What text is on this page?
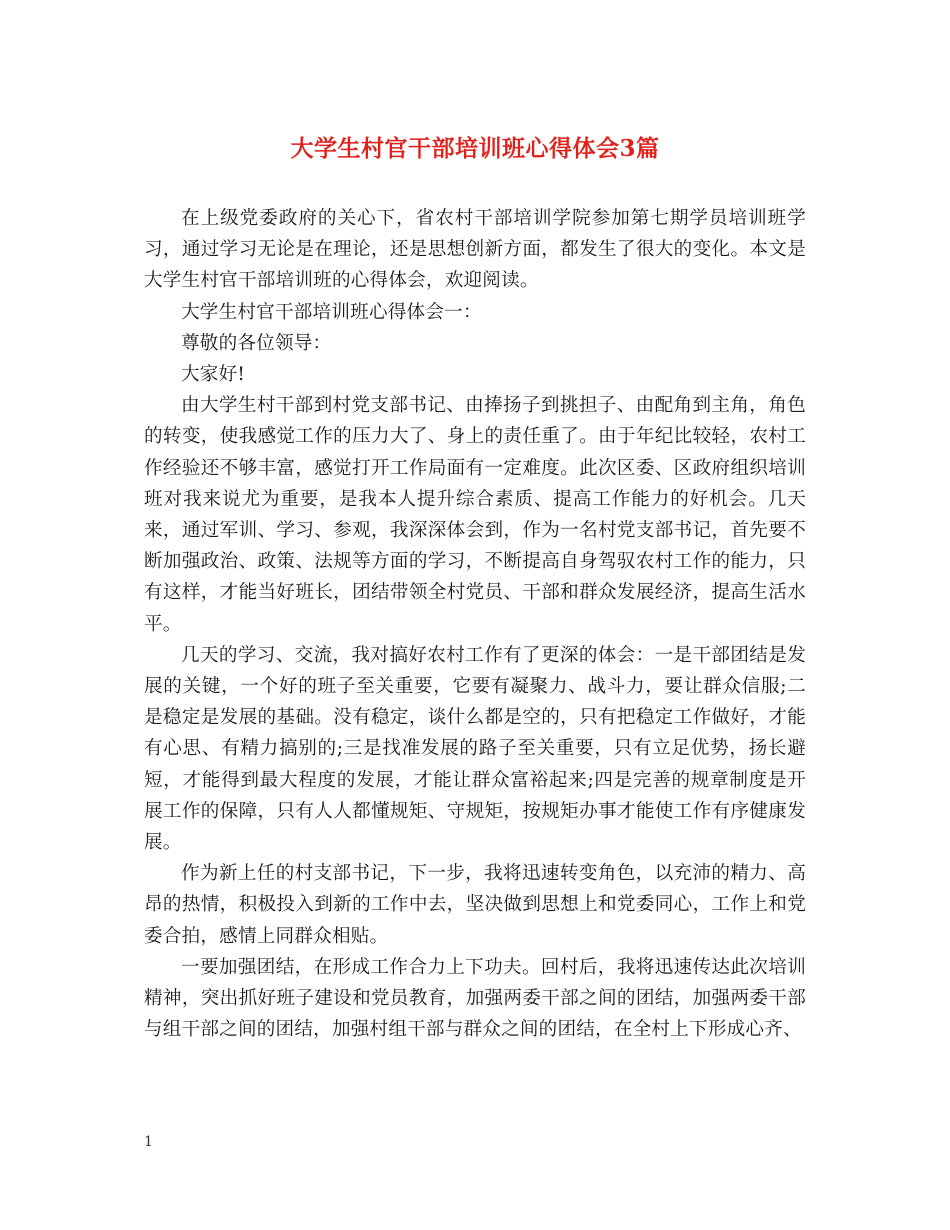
大学生村官干部培训班心得体会3篇

在上级党委政府的关心下，省农村干部培训学院参加第七期学员培训班学习，通过学习无论是在理论，还是思想创新方面，都发生了很大的变化。本文是大学生村官干部培训班的心得体会，欢迎阅读。

大学生村官干部培训班心得体会一：

尊敬的各位领导：

大家好!

由大学生村干部到村党支部书记、由捧扬子到挑担子、由配角到主角，角色的转变，使我感觉工作的压力大了、身上的责任重了。由于年纪比较轻，农村工作经验还不够丰富，感觉打开工作局面有一定难度。此次区委、区政府组织培训班对我来说尤为重要，是我本人提升综合素质、提高工作能力的好机会。几天来，通过军训、学习、参观，我深深体会到，作为一名村党支部书记，首先要不断加强政治、政策、法规等方面的学习，不断提高自身驾驭农村工作的能力，只有这样，才能当好班长，团结带领全村党员、干部和群众发展经济，提高生活水平。

几天的学习、交流，我对搞好农村工作有了更深的体会：一是干部团结是发展的关键，一个好的班子至关重要，它要有凝聚力、战斗力，要让群众信服;二是稳定是发展的基础。没有稳定，谈什么都是空的，只有把稳定工作做好，才能有心思、有精力搞别的;三是找准发展的路子至关重要，只有立足优势，扬长避短，才能得到最大程度的发展，才能让群众富裕起来;四是完善的规章制度是开展工作的保障，只有人人都懂规矩、守规矩，按规矩办事才能使工作有序健康发展。

作为新上任的村支部书记，下一步，我将迅速转变角色，以充沛的精力、高昂的热情，积极投入到新的工作中去，坚决做到思想上和党委同心，工作上和党委合拍，感情上同群众相贴。

一要加强团结，在形成工作合力上下功夫。回村后，我将迅速传达此次培训精神，突出抓好班子建设和党员教育，加强两委干部之间的团结，加强两委干部与组干部之间的团结，加强村组干部与群众之间的团结，在全村上下形成心齐、

1
